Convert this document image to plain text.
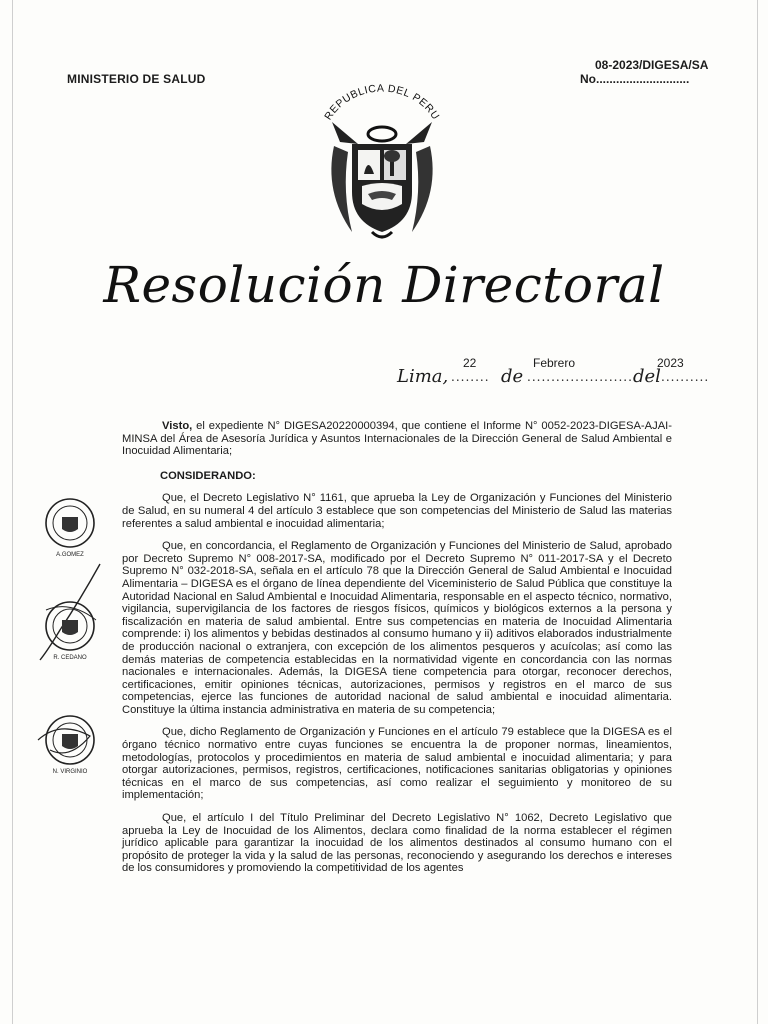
MINISTERIO DE SALUD
08-2023/DIGESA/SA
No............................
REPUBLICA DEL PERU
Resolución Directoral
Lima, ........
22
de ......................
Febrero
del ..........
2023

Visto, el expediente N° DIGESA20220000394, que contiene el Informe N° 0052-2023-DIGESA-AJAI-MINSA del Área de Asesoría Jurídica y Asuntos Internacionales de la Dirección General de Salud Ambiental e Inocuidad Alimentaria;

CONSIDERANDO:

Que, el Decreto Legislativo N° 1161, que aprueba la Ley de Organización y Funciones del Ministerio de Salud, en su numeral 4 del artículo 3 establece que son competencias del Ministerio de Salud las materias referentes a salud ambiental e inocuidad alimentaria;

Que, en concordancia, el Reglamento de Organización y Funciones del Ministerio de Salud, aprobado por Decreto Supremo N° 008-2017-SA, modificado por el Decreto Supremo N° 011-2017-SA y el Decreto Supremo N° 032-2018-SA, señala en el artículo 78 que la Dirección General de Salud Ambiental e Inocuidad Alimentaria – DIGESA es el órgano de línea dependiente del Viceministerio de Salud Pública que constituye la Autoridad Nacional en Salud Ambiental e Inocuidad Alimentaria, responsable en el aspecto técnico, normativo, vigilancia, supervigilancia de los factores de riesgos físicos, químicos y biológicos externos a la persona y fiscalización en materia de salud ambiental. Entre sus competencias en materia de Inocuidad Alimentaria comprende: i) los alimentos y bebidas destinados al consumo humano y ii) aditivos elaborados industrialmente de producción nacional o extranjera, con excepción de los alimentos pesqueros y acuícolas; así como las demás materias de competencia establecidas en la normatividad vigente en concordancia con las normas nacionales e internacionales. Además, la DIGESA tiene competencia para otorgar, reconocer derechos, certificaciones, emitir opiniones técnicas, autorizaciones, permisos y registros en el marco de sus competencias, ejerce las funciones de autoridad nacional de salud ambiental e inocuidad alimentaria. Constituye la última instancia administrativa en materia de su competencia;

Que, dicho Reglamento de Organización y Funciones en el artículo 79 establece que la DIGESA es el órgano técnico normativo entre cuyas funciones se encuentra la de proponer normas, lineamientos, metodologías, protocolos y procedimientos en materia de salud ambiental e inocuidad alimentaria; y para otorgar autorizaciones, permisos, registros, certificaciones, notificaciones sanitarias obligatorias y opiniones técnicas en el marco de sus competencias, así como realizar el seguimiento y monitoreo de su implementación;

Que, el artículo I del Título Preliminar del Decreto Legislativo N° 1062, Decreto Legislativo que aprueba la Ley de Inocuidad de los Alimentos, declara como finalidad de la norma establecer el régimen jurídico aplicable para garantizar la inocuidad de los alimentos destinados al consumo humano con el propósito de proteger la vida y la salud de las personas, reconociendo y asegurando los derechos e intereses de los consumidores y promoviendo la competitividad de los agentes

A.GOMEZ
R. CEDANO
N. VIRGINIO
